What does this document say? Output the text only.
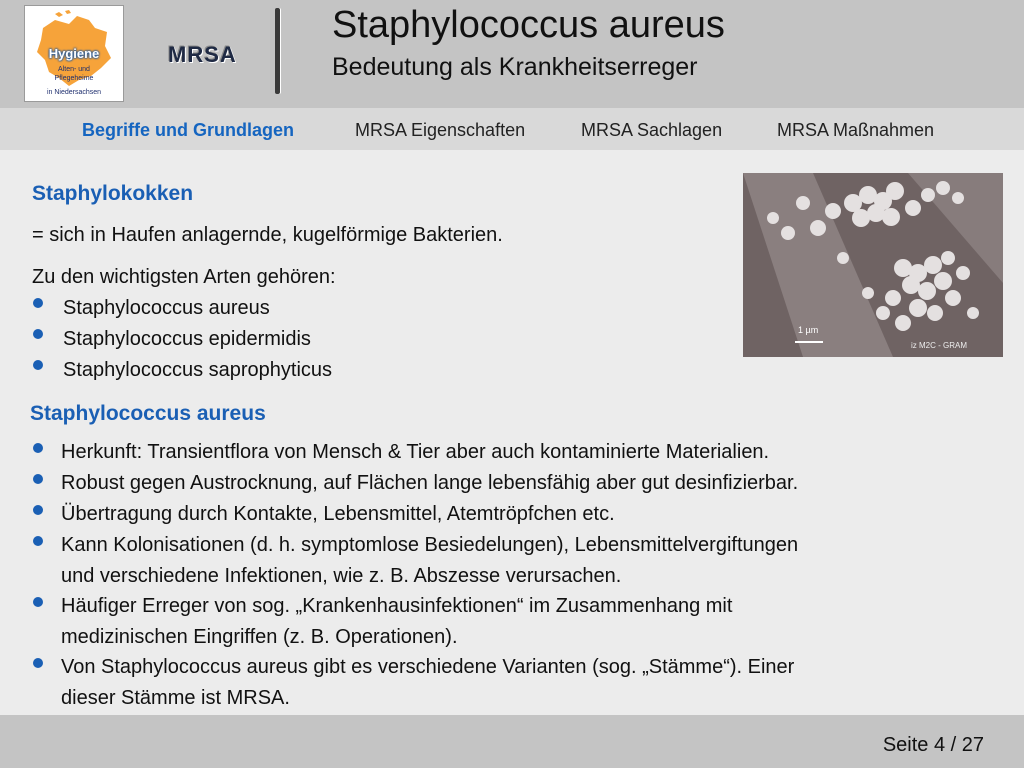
Hygiene
Alten- und
Pflegeheime
in Niedersachsen
MRSA
Staphylococcus aureus
Bedeutung als Krankheitserreger
Begriffe und Grundlagen	MRSA Eigenschaften	MRSA Sachlagen	MRSA Maßnahmen
Staphylokokken
= sich in Haufen anlagernde, kugelförmige Bakterien.
Zu den wichtigsten Arten gehören:
Staphylococcus aureus
Staphylococcus epidermidis
Staphylococcus saprophyticus
1 µm
iz M2C - GRAM
Staphylococcus aureus
Herkunft: Transientflora von Mensch & Tier aber auch kontaminierte Materialien.
Robust gegen Austrocknung, auf Flächen lange lebensfähig aber gut desinfizierbar.
Übertragung durch Kontakte, Lebensmittel, Atemtröpfchen etc.
Kann Kolonisationen (d. h. symptomlose Besiedelungen), Lebensmittelvergiftungen
und verschiedene Infektionen, wie z. B. Abszesse verursachen.
Häufiger Erreger von sog. „Krankenhausinfektionen“ im Zusammenhang mit
medizinischen Eingriffen (z. B. Operationen).
Von Staphylococcus aureus gibt es verschiedene Varianten (sog. „Stämme“). Einer
dieser Stämme ist MRSA.
Seite 4 / 27
